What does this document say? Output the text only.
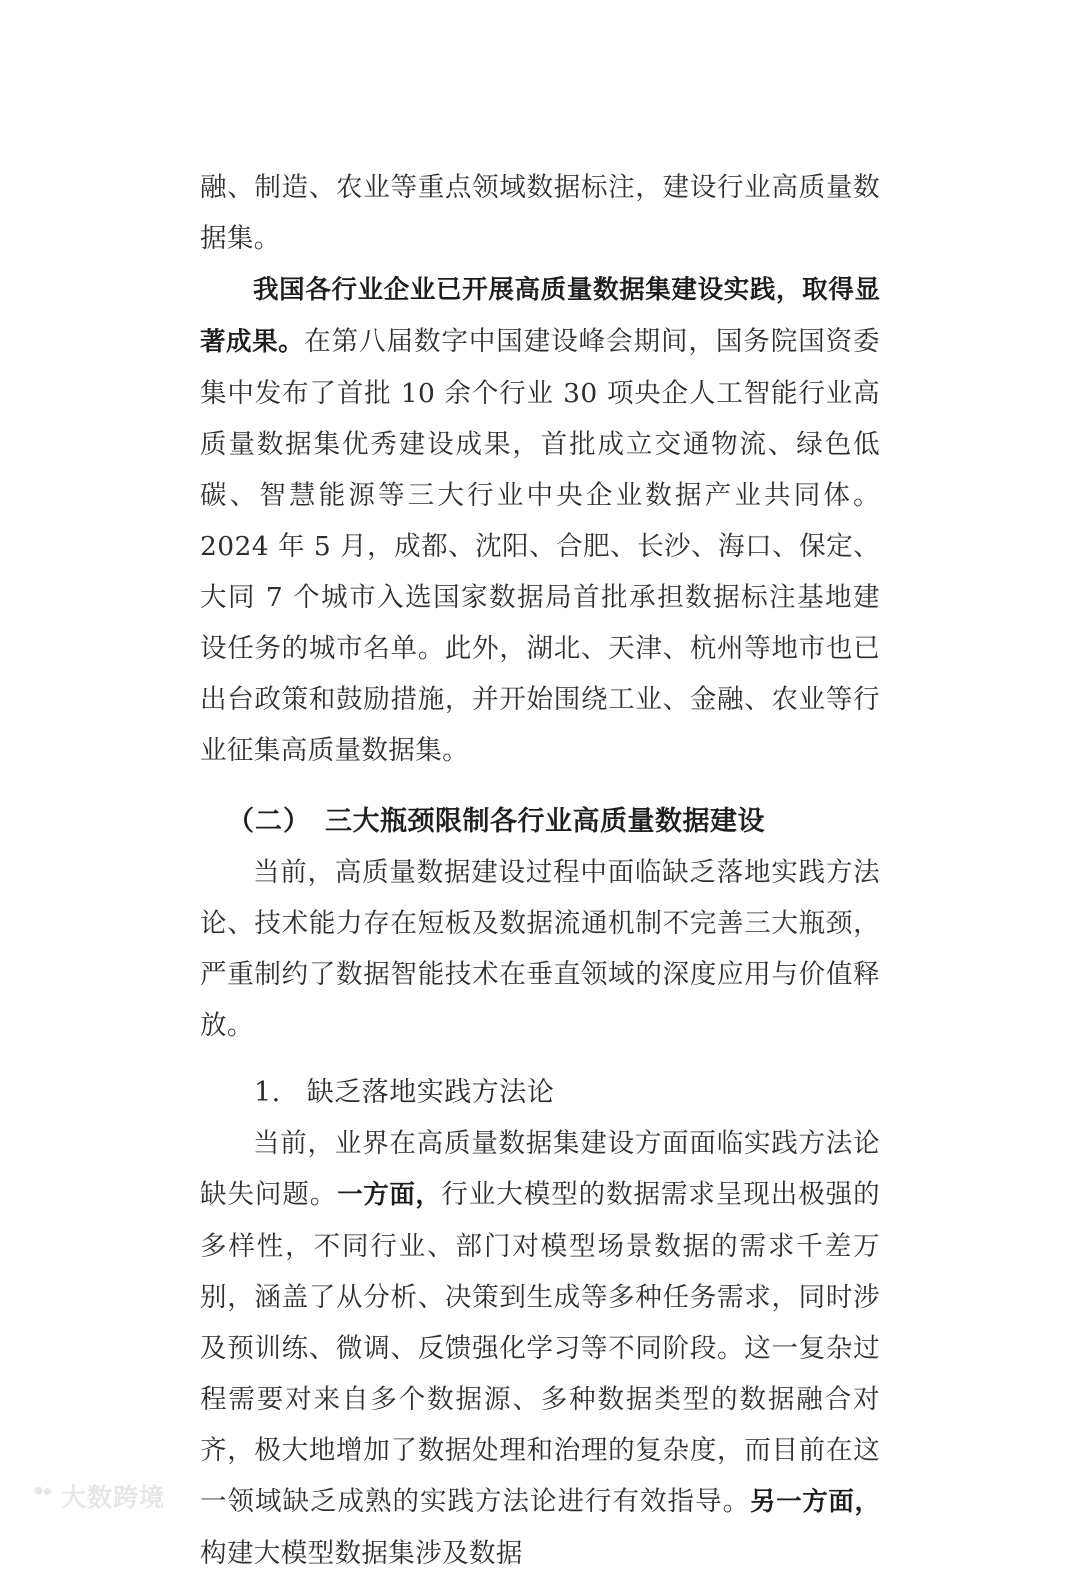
融、制造、农业等重点领域数据标注，建设行业高质量数据集。

我国各行业企业已开展高质量数据集建设实践，取得显著成果。在第八届数字中国建设峰会期间，国务院国资委集中发布了首批 10 余个行业 30 项央企人工智能行业高质量数据集优秀建设成果，首批成立交通物流、绿色低碳、智慧能源等三大行业中央企业数据产业共同体。2024 年 5 月，成都、沈阳、合肥、长沙、海口、保定、大同 7 个城市入选国家数据局首批承担数据标注基地建设任务的城市名单。此外，湖北、天津、杭州等地市也已出台政策和鼓励措施，并开始围绕工业、金融、农业等行业征集高质量数据集。

（二） 三大瓶颈限制各行业高质量数据建设

当前，高质量数据建设过程中面临缺乏落地实践方法论、技术能力存在短板及数据流通机制不完善三大瓶颈，严重制约了数据智能技术在垂直领域的深度应用与价值释放。

1. 缺乏落地实践方法论

当前，业界在高质量数据集建设方面面临实践方法论缺失问题。一方面，行业大模型的数据需求呈现出极强的多样性，不同行业、部门对模型场景数据的需求千差万别，涵盖了从分析、决策到生成等多种任务需求，同时涉及预训练、微调、反馈强化学习等不同阶段。这一复杂过程需要对来自多个数据源、多种数据类型的数据融合对齐，极大地增加了数据处理和治理的复杂度，而目前在这一领域缺乏成熟的实践方法论进行有效指导。另一方面，构建大模型数据集涉及数据

大数跨境
